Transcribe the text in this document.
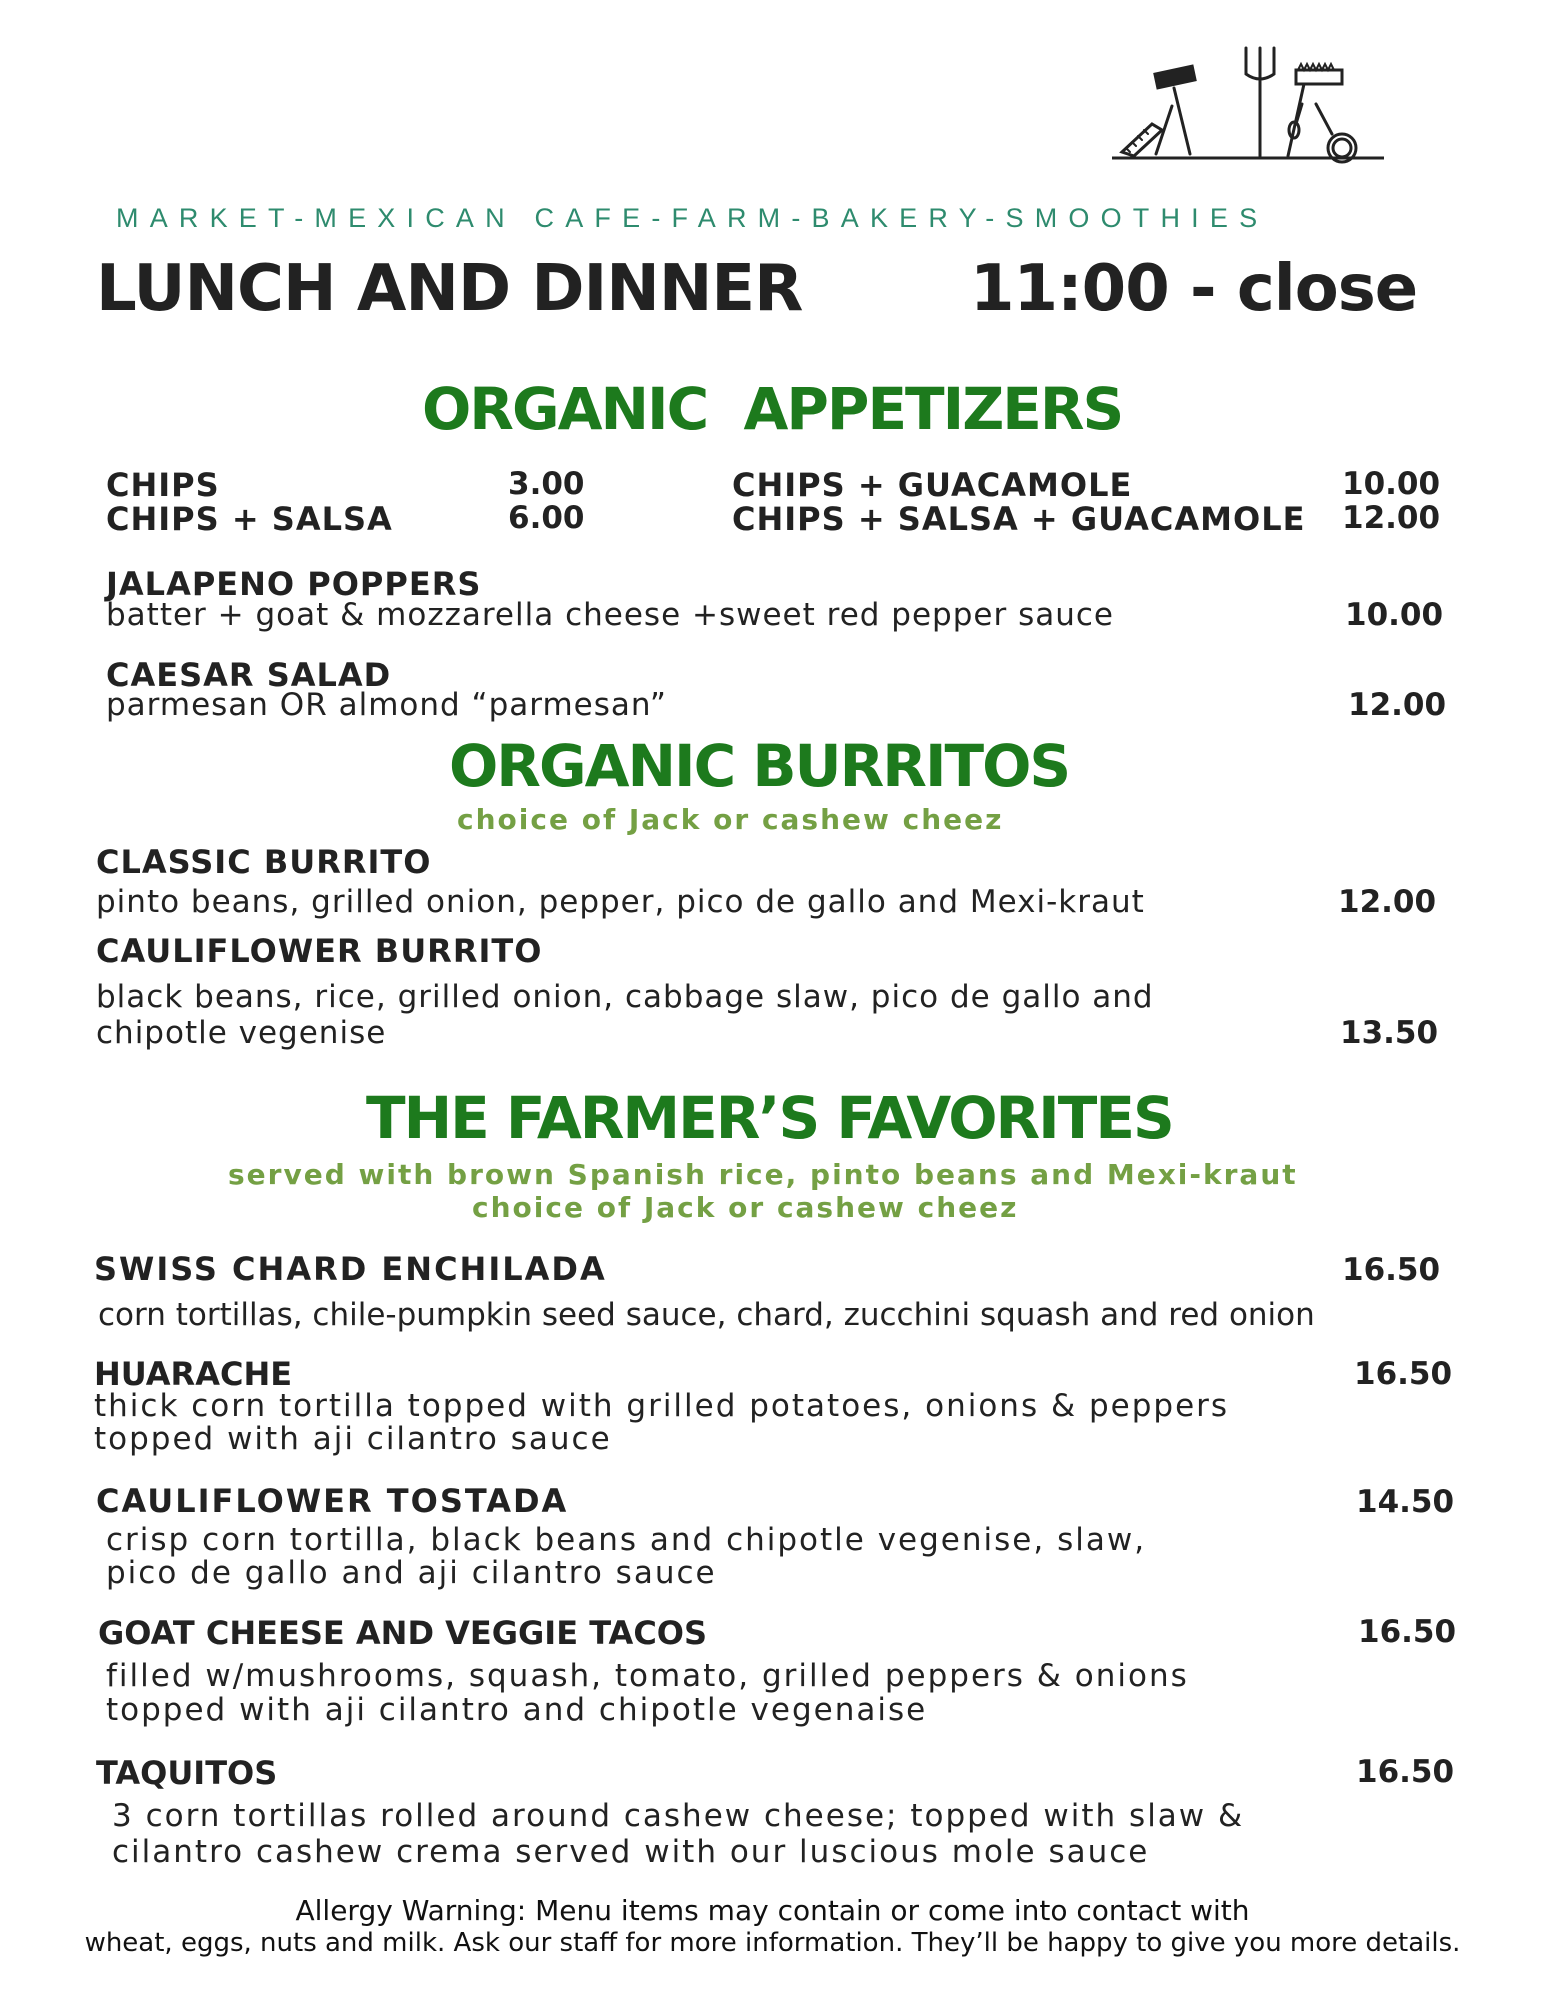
MARKET-MEXICAN CAFE-FARM-BAKERY-SMOOTHIES
LUNCH AND DINNER	11:00 - close
ORGANIC  APPETIZERS
CHIPS	3.00
CHIPS + SALSA	6.00
CHIPS + GUACAMOLE	10.00
CHIPS + SALSA + GUACAMOLE 12.00
JALAPENO POPPERS
batter + goat & mozzarella cheese +sweet red pepper sauce	10.00
CAESAR SALAD
parmesan OR almond “parmesan”	12.00
ORGANIC BURRITOS
choice of Jack or cashew cheez
CLASSIC BURRITO
pinto beans, grilled onion, pepper, pico de gallo and Mexi-kraut	12.00
CAULIFLOWER BURRITO
black beans, rice, grilled onion, cabbage slaw, pico de gallo and
chipotle vegenise	13.50
THE FARMER’S FAVORITES
served with brown Spanish rice, pinto beans and Mexi-kraut
choice of Jack or cashew cheez
SWISS CHARD ENCHILADA
corn tortillas, chile-pumpkin seed sauce, chard, zucchini squash and red onion
16.50
HUARACHE
thick corn tortilla topped with grilled potatoes, onions & peppers
topped with aji cilantro sauce
16.50
CAULIFLOWER TOSTADA
crisp corn tortilla, black beans and chipotle vegenise, slaw,
pico de gallo and aji cilantro sauce
14.50
GOAT CHEESE AND VEGGIE TACOS
filled w/mushrooms, squash, tomato, grilled peppers & onions
topped with aji cilantro and chipotle vegenaise
16.50
TAQUITOS
3 corn tortillas rolled around cashew cheese; topped with slaw &
cilantro cashew crema served with our luscious mole sauce
16.50
Allergy Warning: Menu items may contain or come into contact with
wheat, eggs, nuts and milk. Ask our staff for more information. They’ll be happy to give you more details.
